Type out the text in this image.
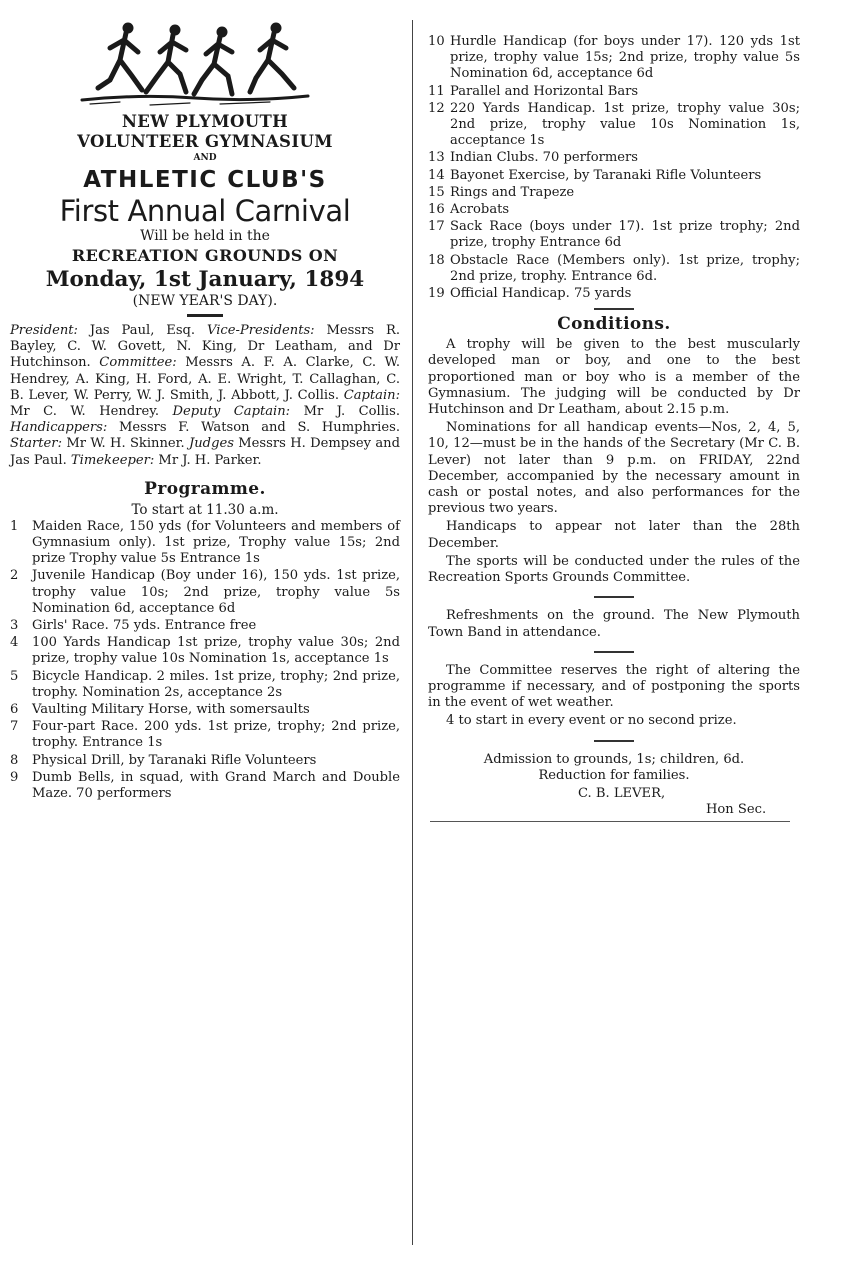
NEW PLYMOUTH
VOLUNTEER GYMNASIUM
AND
ATHLETIC CLUB'S
First Annual Carnival
Will be held in the
RECREATION GROUNDS ON
Monday, 1st January, 1894
(NEW YEAR'S DAY).
President: Jas Paul, Esq. Vice-Presidents: Messrs R. Bayley, C. W. Govett, N. King, Dr Leatham, and Dr Hutchinson. Committee: Messrs A. F. A. Clarke, C. W. Hendrey, A. King, H. Ford, A. E. Wright, T. Callaghan, C. B. Lever, W. Perry, W. J. Smith, J. Abbott, J. Collis. Captain: Mr C. W. Hendrey. Deputy Captain: Mr J. Collis. Handicappers: Messrs F. Watson and S. Humphries. Starter: Mr W. H. Skinner. Judges Messrs H. Dempsey and Jas Paul. Timekeeper: Mr J. H. Parker.
Programme.
To start at 11.30 a.m.
1	Maiden Race, 150 yds (for Volunteers and members of Gymnasium only). 1st prize, Trophy value 15s; 2nd prize Trophy value 5s Entrance 1s
2	Juvenile Handicap (Boy under 16), 150 yds. 1st prize, trophy value 10s; 2nd prize, trophy value 5s Nomination 6d, acceptance 6d
3	Girls' Race. 75 yds. Entrance free
4	100 Yards Handicap 1st prize, trophy value 30s; 2nd prize, trophy value 10s Nomination 1s, acceptance 1s
5	Bicycle Handicap. 2 miles. 1st prize, trophy; 2nd prize, trophy. Nomination 2s, acceptance 2s
6	Vaulting Military Horse, with somersaults
7	Four-part Race. 200 yds. 1st prize, trophy; 2nd prize, trophy. Entrance 1s
8	Physical Drill, by Taranaki Rifle Volunteers
9	Dumb Bells, in squad, with Grand March and Double Maze. 70 performers
10 Hurdle Handicap (for boys under 17). 120 yds 1st prize, trophy value 15s; 2nd prize, trophy value 5s Nomination 6d, acceptance 6d
11 Parallel and Horizontal Bars
12 220 Yards Handicap. 1st prize, trophy value 30s; 2nd prize, trophy value 10s Nomination 1s, acceptance 1s
13 Indian Clubs. 70 performers
14 Bayonet Exercise, by Taranaki Rifle Volunteers
15 Rings and Trapeze
16 Acrobats
17 Sack Race (boys under 17). 1st prize trophy; 2nd prize, trophy Entrance 6d
18 Obstacle Race (Members only). 1st prize, trophy; 2nd prize, trophy. Entrance 6d.
19 Official Handicap. 75 yards
Conditions.
A trophy will be given to the best muscularly developed man or boy, and one to the best proportioned man or boy who is a member of the Gymnasium. The judging will be conducted by Dr Hutchinson and Dr Leatham, about 2.15 p.m.
Nominations for all handicap events—Nos, 2, 4, 5, 10, 12—must be in the hands of the Secretary (Mr C. B. Lever) not later than 9 p.m. on FRIDAY, 22nd December, accompanied by the necessary amount in cash or postal notes, and also performances for the previous two years.
Handicaps to appear not later than the 28th December.
The sports will be conducted under the rules of the Recreation Sports Grounds Committee.
Refreshments on the ground. The New Plymouth Town Band in attendance.
The Committee reserves the right of altering the programme if necessary, and of postponing the sports in the event of wet weather.
4 to start in every event or no second prize.
Admission to grounds, 1s; children, 6d.
Reduction for families.
C. B. LEVER,
Hon Sec.
